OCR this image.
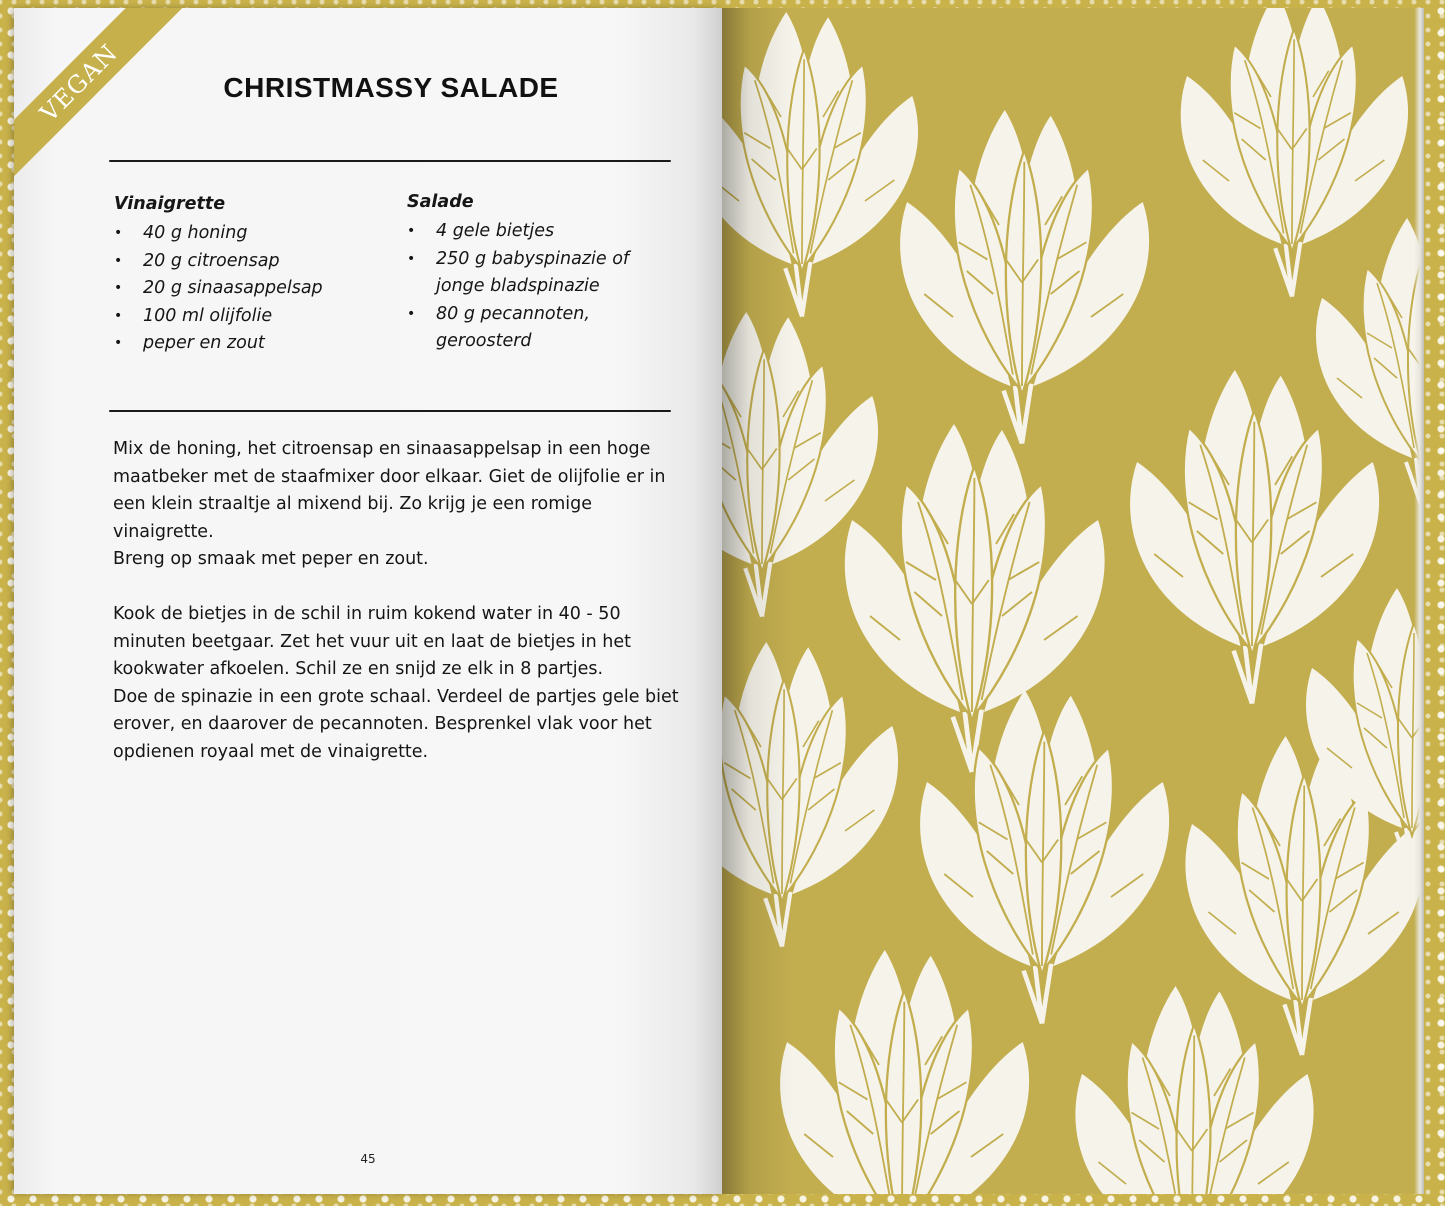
VEGAN	CHRISTMASSY SALADE
Vinaigrette
• 40 g honing
• 20 g citroensap
• 20 g sinaasappelsap
• 100 ml olijfolie
• peper en zout
Salade
• 4 gele bietjes
• 250 g babyspinazie of jonge bladspinazie
• 80 g pecannoten, geroosterd

Mix de honing, het citroensap en sinaasappelsap in een hoge maatbeker met de staafmixer door elkaar. Giet de olijfolie er in een klein straaltje al mixend bij. Zo krijg je een romige vinaigrette.

Breng op smaak met peper en zout.

Kook de bietjes in de schil in ruim kokend water in 40 - 50 minuten beetgaar. Zet het vuur uit en laat de bietjes in het kookwater afkoelen. Schil ze en snijd ze elk in 8 partjes.

Doe de spinazie in een grote schaal. Verdeel de partjes gele biet erover, en daarover de pecannoten. Besprenkel vlak voor het opdienen royaal met de vinaigrette.

45
